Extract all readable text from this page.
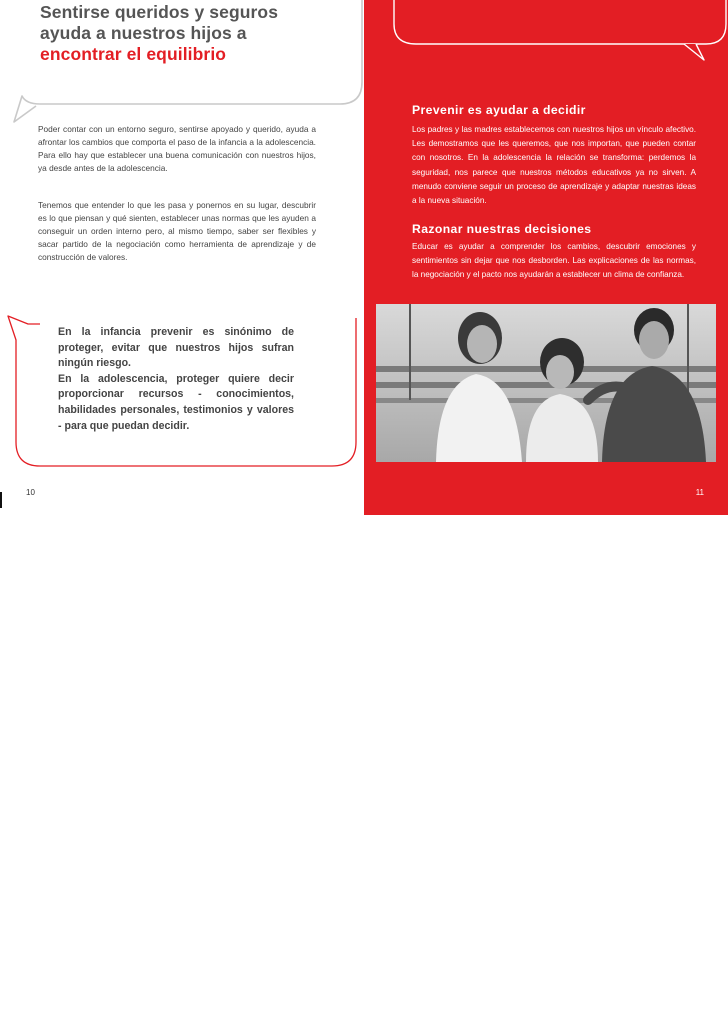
Sentirse queridos y seguros
ayuda a nuestros hijos a
encontrar el equilibrio

Poder contar con un entorno seguro, sentirse apoyado y querido, ayuda a afrontar los cambios que comporta el paso de la infancia a la adolescencia. Para ello hay que establecer una buena comunicación con nuestros hijos, ya desde antes de la adolescencia.

Tenemos que entender lo que les pasa y ponernos en su lugar, descubrir es lo que piensan y qué sienten, establecer unas normas que les ayuden a conseguir un orden interno pero, al mismo tiempo, saber ser flexibles y sacar partido de la negociación como herramienta de aprendizaje y de construcción de valores.

En la infancia prevenir es sinónimo de proteger, evitar que nuestros hijos sufran ningún riesgo.

En la adolescencia, proteger quiere decir proporcionar recursos - conocimientos, habilidades personales, testimonios y valores - para que puedan decidir.

10
Prevenir es ayudar a decidir

Los padres y las madres establecemos con nuestros hijos un vínculo afectivo. Les demostramos que les queremos, que nos importan, que pueden contar con nosotros. En la adolescencia la relación se transforma: perdemos la seguridad, nos parece que nuestros métodos educativos ya no sirven. A menudo conviene seguir un proceso de aprendizaje y adaptar nuestras ideas a la nueva situación.

Razonar nuestras decisiones

Educar es ayudar a comprender los cambios, descubrir emociones y sentimientos sin dejar que nos desborden. Las explicaciones de las normas, la negociación y el pacto nos ayudarán a establecer un clima de confianza.

11
